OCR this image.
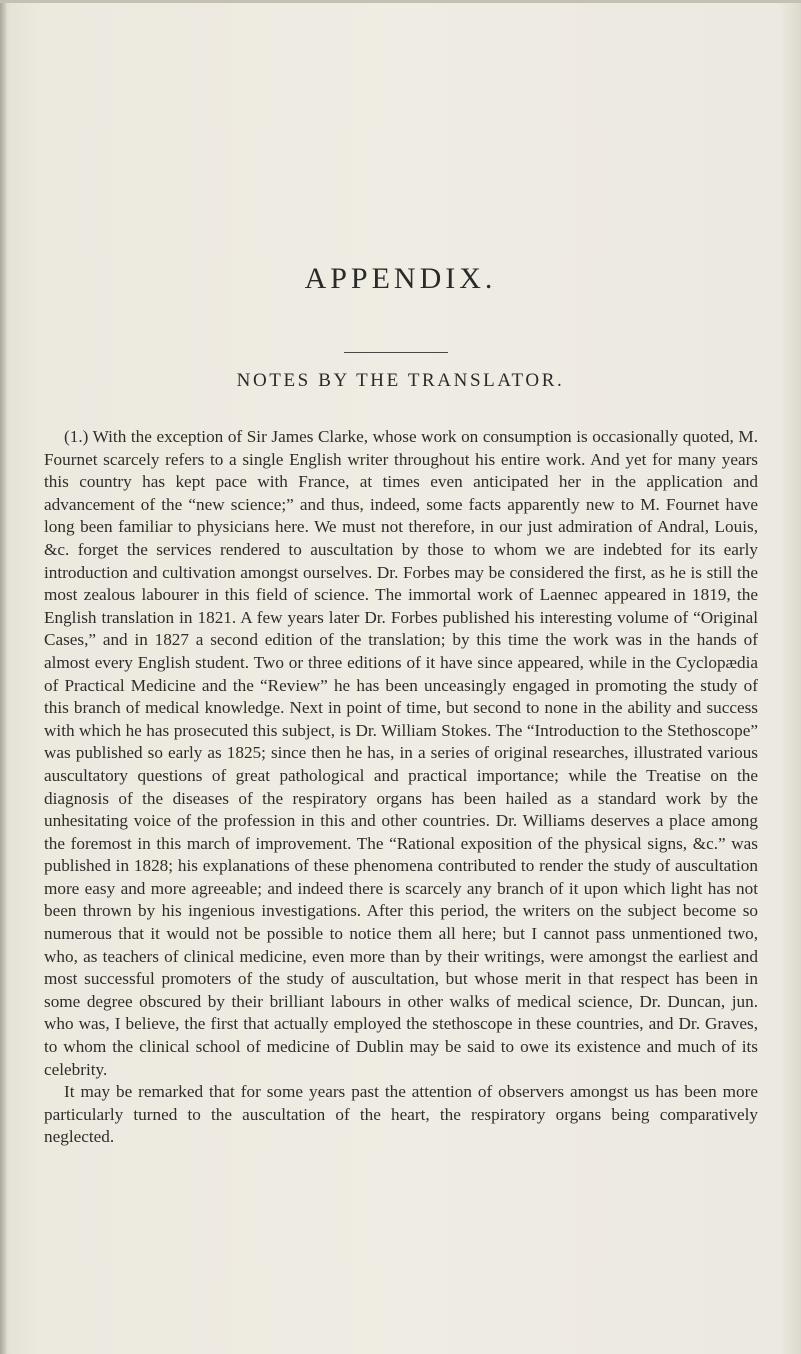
APPENDIX.
NOTES BY THE TRANSLATOR.

(1.) With the exception of Sir James Clarke, whose work on consumption is occasionally quoted, M. Fournet scarcely refers to a single English writer throughout his entire work. And yet for many years this country has kept pace with France, at times even anticipated her in the application and advancement of the “new science;” and thus, indeed, some facts apparently new to M. Fournet have long been familiar to physicians here. We must not therefore, in our just admiration of Andral, Louis, &c. forget the services rendered to auscultation by those to whom we are indebted for its early introduction and cultivation amongst ourselves. Dr. Forbes may be considered the first, as he is still the most zealous labourer in this field of science. The immortal work of Laennec appeared in 1819, the English translation in 1821. A few years later Dr. Forbes published his interesting volume of “Original Cases,” and in 1827 a second edition of the translation; by this time the work was in the hands of almost every English student. Two or three editions of it have since appeared, while in the Cyclopædia of Practical Medicine and the “Review” he has been unceasingly engaged in promoting the study of this branch of medical knowledge. Next in point of time, but second to none in the ability and success with which he has prosecuted this subject, is Dr. William Stokes. The “Introduction to the Stethoscope” was published so early as 1825; since then he has, in a series of original researches, illustrated various auscultatory questions of great pathological and practical importance; while the Treatise on the diagnosis of the diseases of the respiratory organs has been hailed as a standard work by the unhesitating voice of the profession in this and other countries. Dr. Williams deserves a place among the foremost in this march of improvement. The “Rational exposition of the physical signs, &c.” was published in 1828; his explanations of these phenomena contributed to render the study of auscultation more easy and more agreeable; and indeed there is scarcely any branch of it upon which light has not been thrown by his ingenious investigations. After this period, the writers on the subject become so numerous that it would not be possible to notice them all here; but I cannot pass unmentioned two, who, as teachers of clinical medicine, even more than by their writings, were amongst the earliest and most successful promoters of the study of auscultation, but whose merit in that respect has been in some degree obscured by their brilliant labours in other walks of medical science, Dr. Duncan, jun. who was, I believe, the first that actually employed the stethoscope in these countries, and Dr. Graves, to whom the clinical school of medicine of Dublin may be said to owe its existence and much of its celebrity.

It may be remarked that for some years past the attention of observers amongst us has been more particularly turned to the auscultation of the heart, the respiratory organs being comparatively neglected.
